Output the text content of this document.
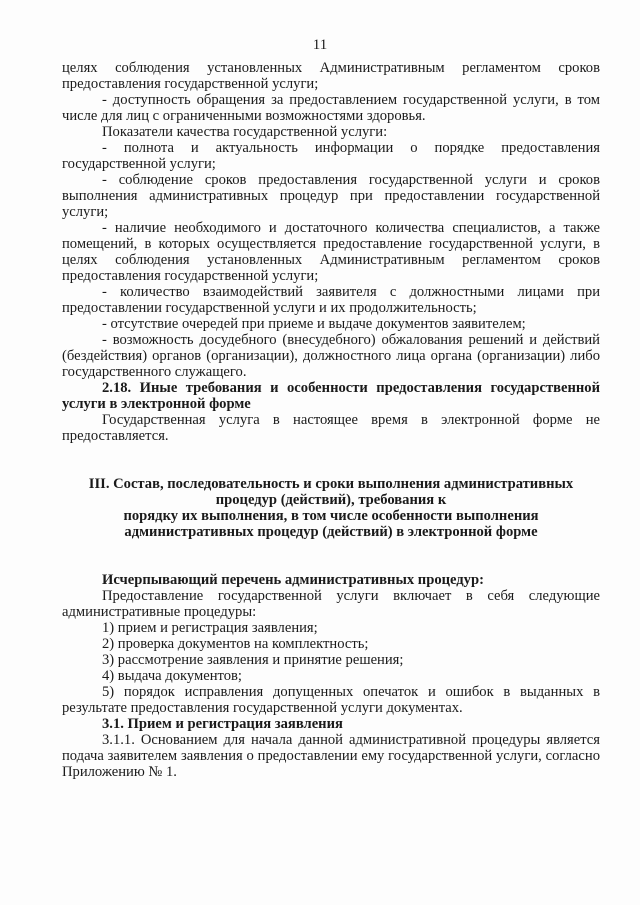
11

целях соблюдения установленных Административным регламентом сроков

предоставления государственной услуги;

- доступность обращения за предоставлением государственной услуги, в том числе для лиц с ограниченными возможностями здоровья.

Показатели качества государственной услуги:

- полнота и актуальность информации о порядке предоставления государственной услуги;

- соблюдение сроков предоставления государственной услуги и сроков выполнения административных процедур при предоставлении государственной услуги;

- наличие необходимого и достаточного количества специалистов, а также помещений, в которых осуществляется предоставление государственной услуги, в целях соблюдения установленных Административным регламентом сроков предоставления государственной услуги;

- количество взаимодействий заявителя с должностными лицами при предоставлении государственной услуги и их продолжительность;

- отсутствие очередей при приеме и выдаче документов заявителем;

- возможность досудебного (внесудебного) обжалования решений и действий (бездействия) органов (организации), должностного лица органа (организации) либо государственного служащего.

2.18. Иные требования и особенности предоставления государственной услуги в электронной форме

Государственная услуга в настоящее время в электронной форме не предоставляется.

III. Состав, последовательность и сроки выполнения административных

процедур (действий), требования к

порядку их выполнения, в том числе особенности выполнения

административных процедур (действий) в электронной форме

Исчерпывающий перечень административных процедур:

Предоставление государственной услуги включает в себя следующие административные процедуры:

1) прием и регистрация заявления;

2) проверка документов на комплектность;

3) рассмотрение заявления и принятие решения;

4) выдача документов;

5) порядок исправления допущенных опечаток и ошибок в выданных в результате предоставления государственной услуги документах.

3.1. Прием и регистрация заявления

3.1.1. Основанием для начала данной административной процедуры является подача заявителем заявления о предоставлении ему государственной услуги, согласно Приложению № 1.
